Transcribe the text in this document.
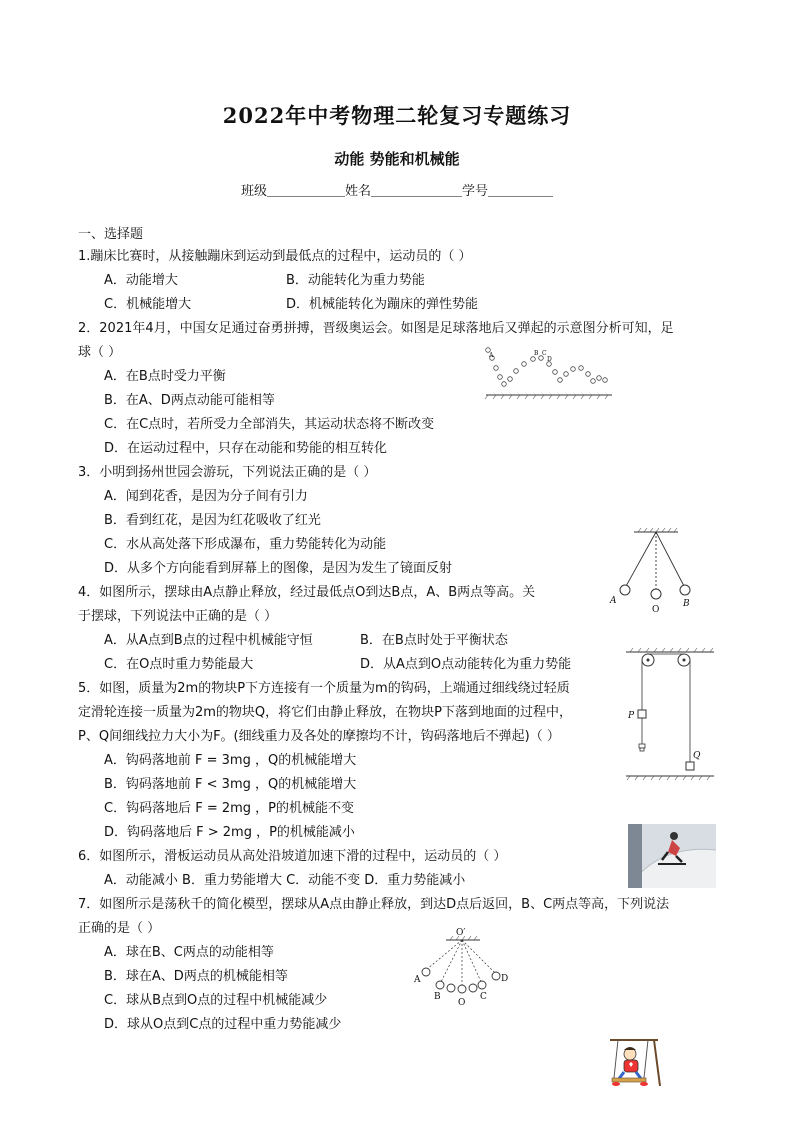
2022年中考物理二轮复习专题练习
动能 势能和机械能
班级＿＿＿＿＿＿姓名＿＿＿＿＿＿＿学号＿＿＿＿＿
一、选择题
1.蹦床比赛时，从接触蹦床到运动到最低点的过程中，运动员的（ ）
A．动能增大	B．动能转化为重力势能
C．机械能增大	D．机械能转化为蹦床的弹性势能
2．2021年4月，中国女足通过奋勇拼搏，晋级奥运会。如图是足球落地后又弹起的示意图分析可知，足
球（ ）
A．在B点时受力平衡
B．在A、D两点动能可能相等
C．在C点时，若所受力全部消失，其运动状态将不断改变
D．在运动过程中，只存在动能和势能的相互转化
A	B C
D
3．小明到扬州世园会游玩，下列说法正确的是（ ）
A．闻到花香，是因为分子间有引力
B．看到红花，是因为红花吸收了红光
C．水从高处落下形成瀑布，重力势能转化为动能
D．从多个方向能看到屏幕上的图像，是因为发生了镜面反射
A
O
B
4．如图所示，摆球由A点静止释放，经过最低点O到达B点，A、B两点等高。关
于摆球，下列说法中正确的是（ ）
A．从A点到B点的过程中机械能守恒	B．在B点时处于平衡状态
C．在O点时重力势能最大	D．从A点到O点动能转化为重力势能
P
Q
5．如图，质量为2m的物块P下方连接有一个质量为m的钩码，上端通过细线绕过轻质
定滑轮连接一质量为2m的物块Q，将它们由静止释放，在物块P下落到地面的过程中，
P、Q间细线拉力大小为F。(细线重力及各处的摩擦均不计，钩码落地后不弹起)（ ）
A．钩码落地前 F = 3mg ，Q的机械能增大
B．钩码落地前 F < 3mg ，Q的机械能增大
C．钩码落地后 F = 2mg ，P的机械能不变
D．钩码落地后 F > 2mg ，P的机械能减小
6．如图所示，滑板运动员从高处沿坡道加速下滑的过程中，运动员的（ ）
A．动能减小 B．重力势能增大 C．动能不变 D．重力势能减小
7．如图所示是荡秋千的简化模型，摆球从A点由静止释放，到达D点后返回，B、C两点等高，下列说法
正确的是（ ）
A．球在B、C两点的动能相等
B．球在A、D两点的机械能相等
C．球从B点到O点的过程中机械能减少
D．球从O点到C点的过程中重力势能减少
O′
A
B
O
C
D
